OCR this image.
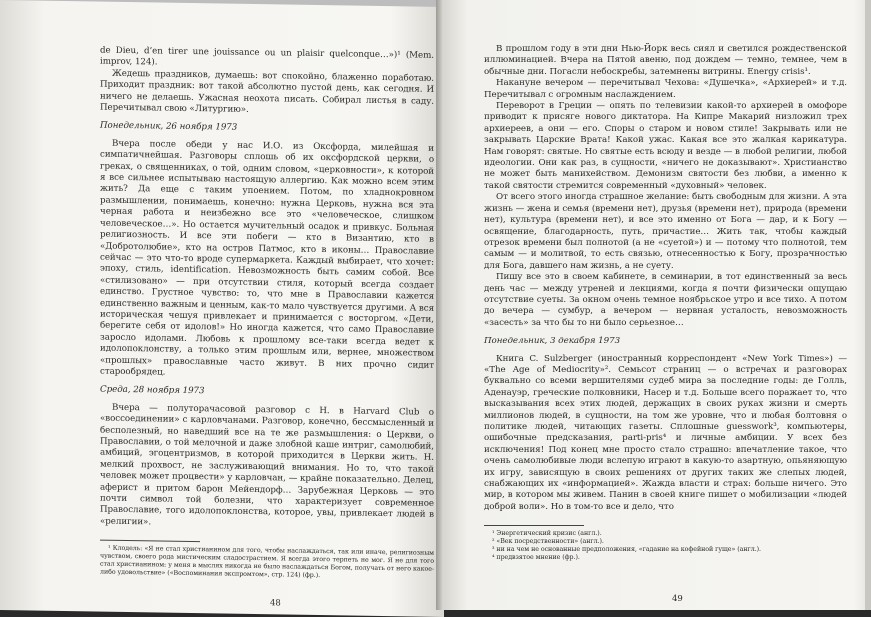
de Dieu, d’en tirer une jouissance ou un plaisir quelconque…»)¹ (Mem. improv, 124).

Жедешь праздников, думаешь: вот спокойно, блаженно поработаю. Приходит праздник: вот такой абсолютно пустой день, как сегодня. И ничего не делаешь. Ужасная неохота писать. Собирал листья в саду. Перечитывал свою «Литургию».

Понедельник, 26 ноября 1973

Вчера после обеди у нас И.О. из Оксфорда, милейшая и симпатичнейшая. Разговоры сплошь об их оксфордской церкви, о греках, о священниках, о той, одним словом, «церковности», к которой я все сильнее испытываю настоящую аллергию. Как можно всем этим жить? Да еще с таким упоением. Потом, по хладнокровном размышлении, понимаешь, конечно: нужна Церковь, нужна вся эта черная работа и неизбежно все это «человеческое, слишком человеческое…». Но остается мучительный осадок и привкус. Больная религиозность. И все эти побеги — кто в Византию, кто в «Добротолюбие», кто на остров Патмос, кто в иконы… Православие сейчас — это что-то вроде супермаркета. Каждый выбирает, что хочет: эпоху, стиль, identification. Невозможность быть самим собой. Все «стилизовано» — при отсутствии стиля, который всегда создает единство. Грустное чувство: то, что мне в Православии кажется единственно важным и ценным, как-то мало чувствуется другими. А вся историческая чешуя привлекает и принимается с восторгом. «Дети, берегите себя от идолов!» Но иногда кажется, что само Православие заросло идолами. Любовь к прошлому все-таки всегда ведет к идолопоклонству, а только этим прошлым или, вернее, множеством «прошлых» православные часто живут. В них прочно сидит старообрядец.

Среда, 28 ноября 1973

Вчера — полуторачасовой разговор с Н. в Harvard Club о «воссоединении» с карловчанами. Разговор, конечно, бессмысленный и бесполезный, но наведший все на те же размышления: о Церкви, о Православии, о той мелочной и даже злобной каше интриг, самолюбий, амбиций, эгоцентризмов, в которой приходится в Церкви жить. Н. мелкий прохвост, не заслуживающий внимания. Но то, что такой человек может процвести» у карловчан, — крайне показательно. Делец, аферист и притом барон Мейендорф… Зарубежная Церковь — это почти символ той болезни, что характеризует современное Православие, того идолопоклонства, которое, увы, привлекает людей в «религии».

¹ Клодель: «Я не стал христианином для того, чтобы наслаждаться, так или иначе, религиозным чувством, своего рода мистическим сладострастием. Я всегда этого терпеть не мог. Я не для того стал христианином: у меня в мыслях никогда не было наслаждаться Богом, получать от него какое-либо удовольствие» («Воспоминания экспромтом», стр. 124) (фр.).

48

В прошлом году в эти дни Нью-Йорк весь сиял и светился рождественской иллюминацией. Вчера на Пятой авеню, под дождем — темно, темнее, чем в обычные дни. Погасли небоскребы, затемнены витрины. Energy crisis¹.

Накануне вечером — перечитывал Чехова: «Душечка», «Архиерей» и т.д. Перечитывал с огромным наслаждением.

Переворот в Греции — опять по телевизии какой-то архиерей в омофоре приводит к присяге нового диктатора. На Кипре Макарий низложил трех архиереев, а они — его. Споры о старом и новом стиле! Закрывать или не закрывать Царские Врата! Какой ужас. Какая все это жалкая карикатура. Нам говорят: святые. Но святые есть всюду и везде — в любой религии, любой идеологии. Они как раз, в сущности, «ничего не доказывают». Христианство не может быть манихейством. Демонизм святости без любви, а именно к такой святости стремится современный «духовный» человек.

От всего этого иногда страшное желание: быть свободным для жизни. А эта жизнь — жена и семья (времени нет), друзья (времени нет), природа (времени нет), культура (времени нет), и все это именно от Бога — дар, и к Богу — освящение, благодарность, путь, причастие… Жить так, чтобы каждый отрезок времени был полнотой (а не «суетой») и — потому что полнотой, тем самым — и молитвой, то есть связью, отнесенностью к Богу, прозрачностью для Бога, давшего нам жизнь, а не суету.

Пишу все это в своем кабинете, в семинарии, в тот единственный за весь день час — между утреней и лекциями, когда я почти физически ощущаю отсутствие суеты. За окном очень темное ноябрьское утро и все тихо. А потом до вечера — сумбур, а вечером — нервная усталость, невозможность «засесть» за что бы то ни было серьезное…

Понедельник, 3 декабря 1973

Книга C. Sulzberger (иностранный корреспондент «New York Times») — «The Age of Mediocrity»². Семьсот страниц — о встречах и разговорах буквально со всеми вершителями судеб мира за последние годы: де Голль, Аденауэр, греческие полковники, Насер и т.д. Больше всего поражает то, что высказывания всех этих людей, держащих в своих руках жизни и смерть миллионов людей, в сущности, на том же уровне, что и любая болтовня о политике людей, читающих газеты. Сплошные guesswork³, компьютеры, ошибочные предсказания, parti-pris⁴ и личные амбиции. У всех без исключения! Под конец мне просто стало страшно: впечатление такое, что очень самолюбивые люди вслепую играют в какую-то азартную, опьяняющую их игру, зависящую в своих решениях от других таких же слепых людей, снабжающих их «информацией». Жажда власти и страх: больше ничего. Это мир, в котором мы живем. Панин в своей книге пишет о мобилизации «людей доброй воли». Но в том-то все и дело, что

¹ Энергетический кризис (англ.).

² «Век посредственности» (англ.).

³ ни на чем не основанные предположения, «гадание на кофейной гуще» (англ.).

⁴ предвзятое мнение (фр.).

49
